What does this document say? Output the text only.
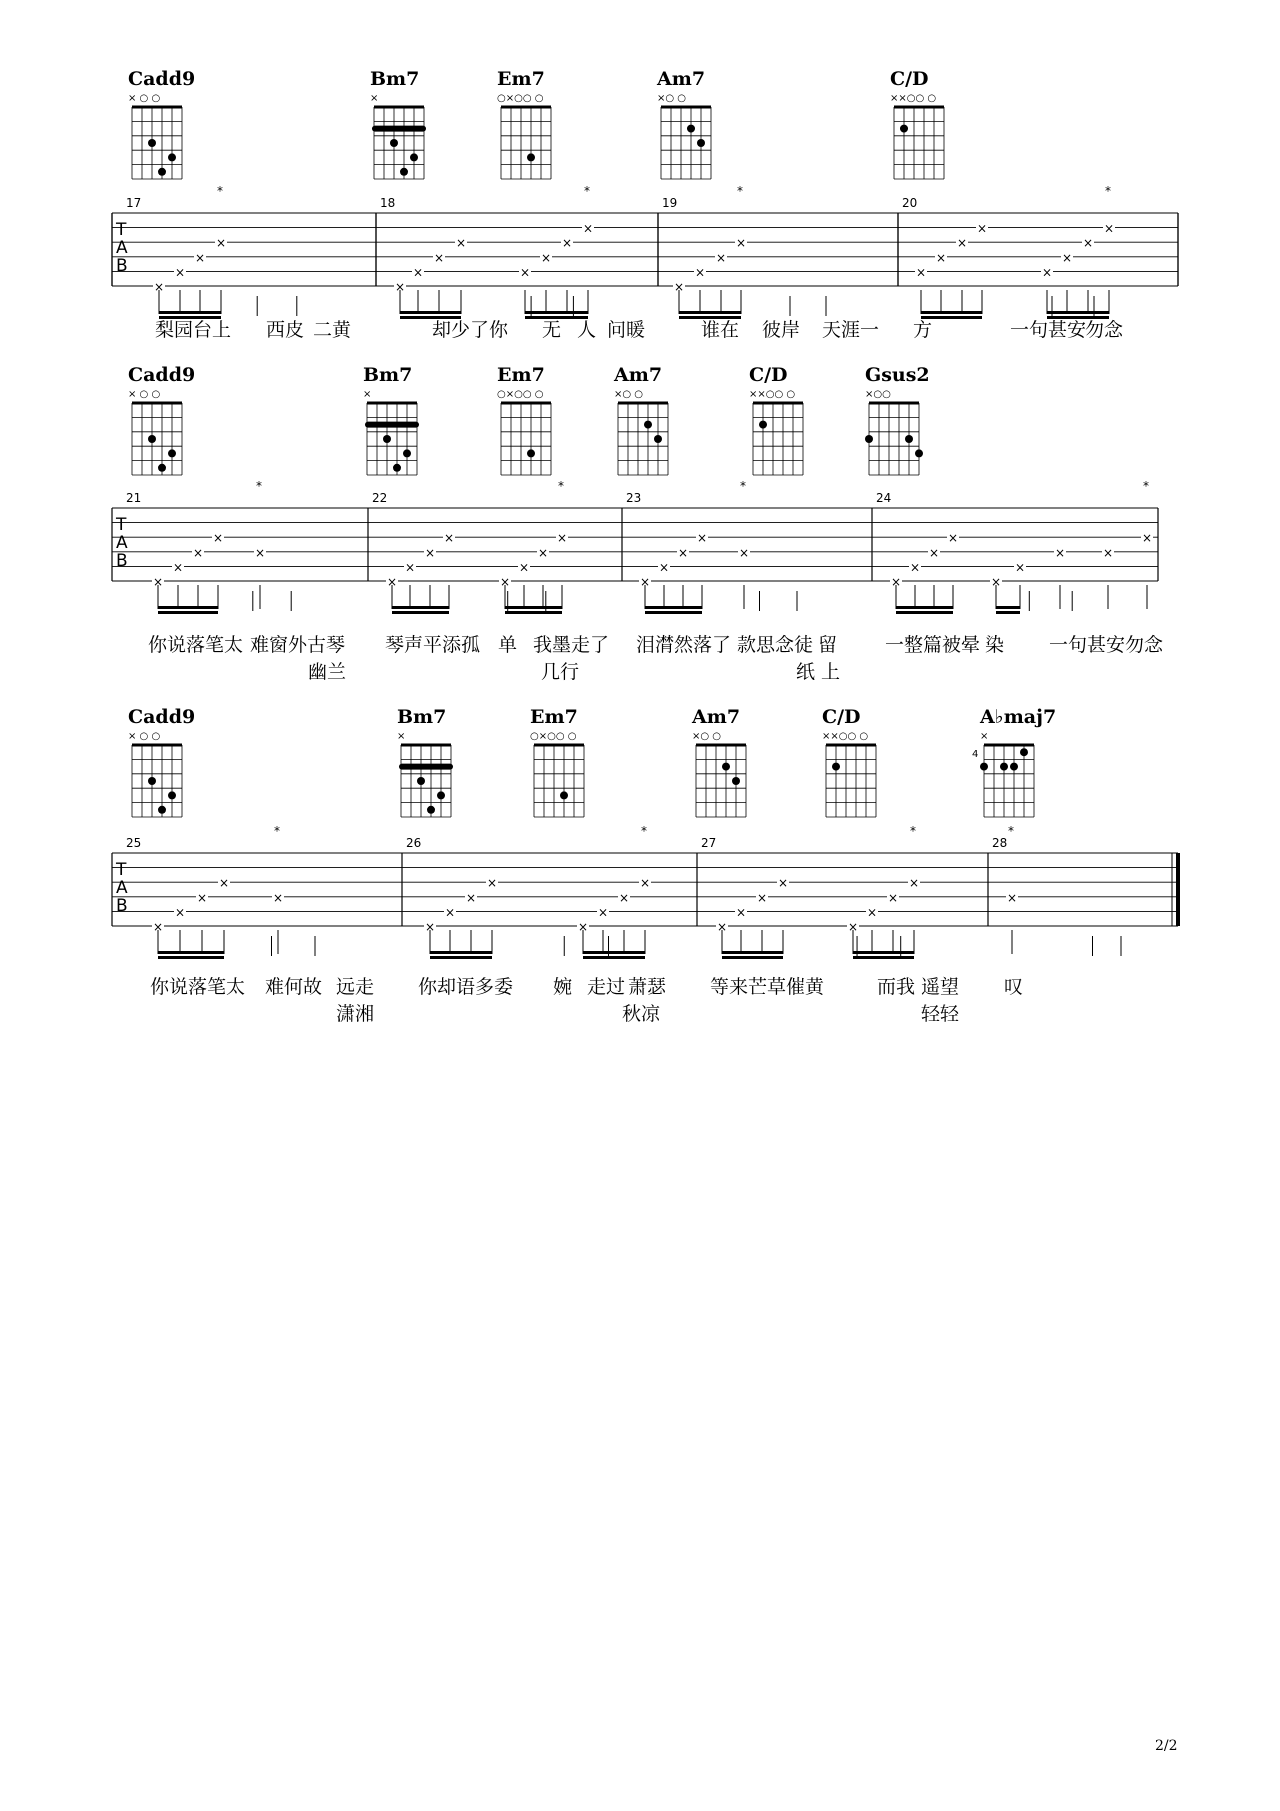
Cadd9
× ○ ○
Bm7
×
Em7
○×○○ ○
Am7
×○ ○
C/D
××○○ ○
Cadd9
× ○ ○
Bm7
×
Em7
○×○○ ○
Am7
×○ ○
C/D
××○○ ○
Gsus2
×○○
Cadd9
× ○ ○
Bm7
×
Em7
○×○○ ○
Am7
×○ ○
C/D
××○○ ○
A♭maj7
×
4
T
A
B
17	18	19	20
×
×
×
×
*
×
×
×
×
×
×
×
×
*
×
×
×
×
*
×
×
×
×
×
×
×
×
*
梨园台上 西皮 二黄	却少了你 无 人 问暖	谁在 彼岸 天涯一 方	一句甚安
勿念
T
A
B
21	22	23	24
×
×
×
×
×
*
×
×
×
×
×
×
×
×
*
×
×
×
×
×
*
×
×
×
×
×
×
×	×
×
*
你说落笔太 难窗外古琴 琴声平添孤 单 我墨走了 泪潸然落了 款思念徒 留	一整篇被晕 染 一句甚安勿念
幽兰	几行	纸 上
T
A
B
25	26	27	28
×
×
×
×
×
*
×
×
×
×
×
×
×
×
*
×
×
×
×
×
×
×
×
*
×
*
你说落笔太 难何故 远走 你却语多委 婉 走过 萧瑟 等来芒草催黄	而我 遥望 叹
潇湘	秋凉	轻轻
2/2
